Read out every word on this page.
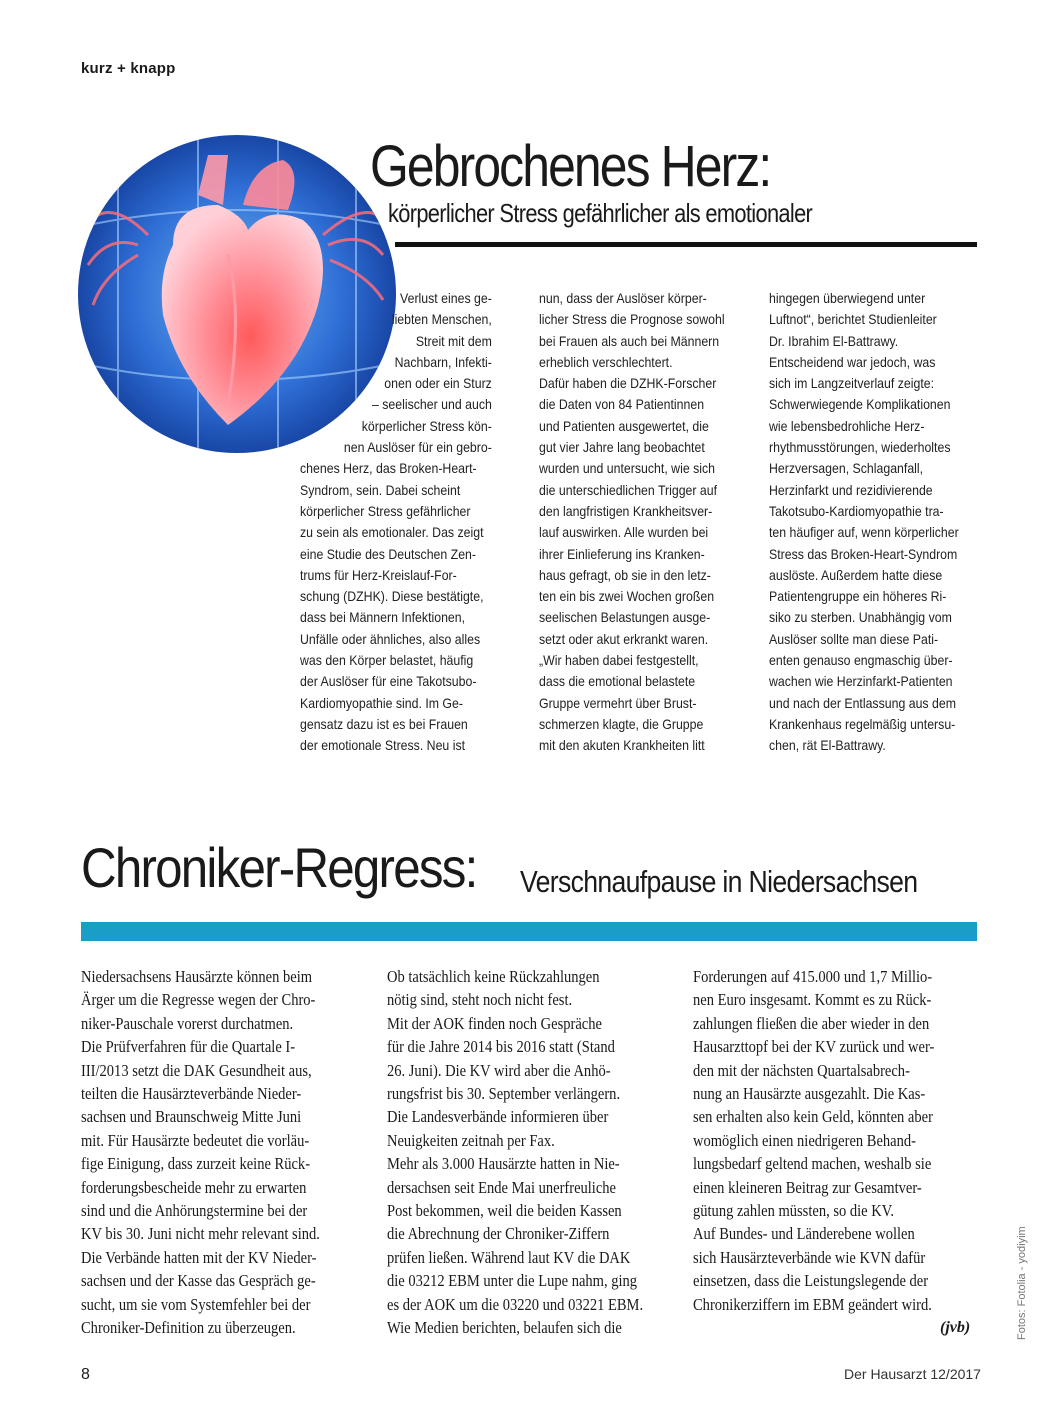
kurz + knapp
Gebrochenes Herz:
körperlicher Stress gefährlicher als emotionaler
Verlust eines ge-
liebten Menschen,
Streit mit dem
Nachbarn, Infekti-
onen oder ein Sturz
– seelischer und auch
körperlicher Stress kön-
nen Auslöser für ein gebro-
chenes Herz, das Broken-Heart-
Syndrom, sein. Dabei scheint
körperlicher Stress gefährlicher
zu sein als emotionaler. Das zeigt
eine Studie des Deutschen Zen-
trums für Herz-Kreislauf-For-
schung (DZHK). Diese bestätigte,
dass bei Männern Infektionen,
Unfälle oder ähnliches, also alles
was den Körper belastet, häufig
der Auslöser für eine Takotsubo-
Kardiomyopathie sind. Im Ge-
gensatz dazu ist es bei Frauen
der emotionale Stress. Neu ist
nun, dass der Auslöser körper-
licher Stress die Prognose sowohl
bei Frauen als auch bei Männern
erheblich verschlechtert.
Dafür haben die DZHK-Forscher
die Daten von 84 Patientinnen
und Patienten ausgewertet, die
gut vier Jahre lang beobachtet
wurden und untersucht, wie sich
die unterschiedlichen Trigger auf
den langfristigen Krankheitsver-
lauf auswirken. Alle wurden bei
ihrer Einlieferung ins Kranken-
haus gefragt, ob sie in den letz-
ten ein bis zwei Wochen großen
seelischen Belastungen ausge-
setzt oder akut erkrankt waren.
„Wir haben dabei festgestellt,
dass die emotional belastete
Gruppe vermehrt über Brust-
schmerzen klagte, die Gruppe
mit den akuten Krankheiten litt
hingegen überwiegend unter
Luftnot“, berichtet Studienleiter
Dr. Ibrahim El-Battrawy.
Entscheidend war jedoch, was
sich im Langzeitverlauf zeigte:
Schwerwiegende Komplikationen
wie lebensbedrohliche Herz-
rhythmusstörungen, wiederholtes
Herzversagen, Schlaganfall,
Herzinfarkt und rezidivierende
Takotsubo-Kardiomyopathie tra-
ten häufiger auf, wenn körperlicher
Stress das Broken-Heart-Syndrom
auslöste. Außerdem hatte diese
Patientengruppe ein höheres Ri-
siko zu sterben. Unabhängig vom
Auslöser sollte man diese Pati-
enten genauso engmaschig über-
wachen wie Herzinfarkt-Patienten
und nach der Entlassung aus dem
Krankenhaus regelmäßig untersu-
chen, rät El-Battrawy.
Chroniker-Regress:	Verschnaufpause in Niedersachsen
Niedersachsens Hausärzte können beim
Ärger um die Regresse wegen der Chro-
niker-Pauschale vorerst durchatmen.
Die Prüfverfahren für die Quartale I-
III/2013 setzt die DAK Gesundheit aus,
teilten die Hausärzteverbände Nieder-
sachsen und Braunschweig Mitte Juni
mit. Für Hausärzte bedeutet die vorläu-
fige Einigung, dass zurzeit keine Rück-
forderungsbescheide mehr zu erwarten
sind und die Anhörungstermine bei der
KV bis 30. Juni nicht mehr relevant sind.
Die Verbände hatten mit der KV Nieder-
sachsen und der Kasse das Gespräch ge-
sucht, um sie vom Systemfehler bei der
Chroniker-Definition zu überzeugen.
Ob tatsächlich keine Rückzahlungen
nötig sind, steht noch nicht fest.
Mit der AOK finden noch Gespräche
für die Jahre 2014 bis 2016 statt (Stand
26. Juni). Die KV wird aber die Anhö-
rungsfrist bis 30. September verlängern.
Die Landesverbände informieren über
Neuigkeiten zeitnah per Fax.
Mehr als 3.000 Hausärzte hatten in Nie-
dersachsen seit Ende Mai unerfreuliche
Post bekommen, weil die beiden Kassen
die Abrechnung der Chroniker-Ziffern
prüfen ließen. Während laut KV die DAK
die 03212 EBM unter die Lupe nahm, ging
es der AOK um die 03220 und 03221 EBM.
Wie Medien berichten, belaufen sich die
Forderungen auf 415.000 und 1,7 Millio-
nen Euro insgesamt. Kommt es zu Rück-
zahlungen fließen die aber wieder in den
Hausarzttopf bei der KV zurück und wer-
den mit der nächsten Quartalsabrech-
nung an Hausärzte ausgezahlt. Die Kas-
sen erhalten also kein Geld, könnten aber
womöglich einen niedrigeren Behand-
lungsbedarf geltend machen, weshalb sie
einen kleineren Beitrag zur Gesamtver-
gütung zahlen müssten, so die KV.
Auf Bundes- und Länderebene wollen
sich Hausärzteverbände wie KVN dafür
einsetzen, dass die Leistungslegende der
Chronikerziffern im EBM geändert wird.
(jvb)
8	Der Hausarzt 12/2017
Fotos: Fotolia - yodiyim
